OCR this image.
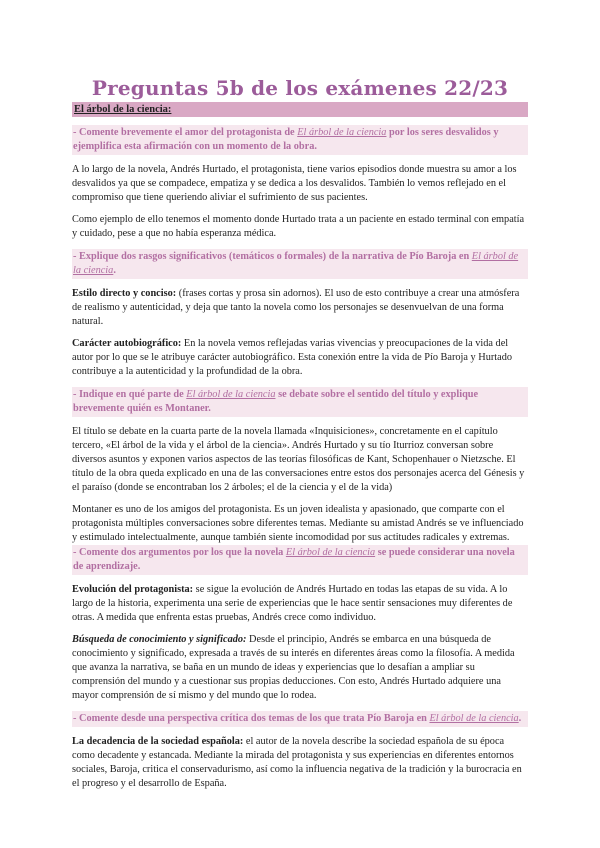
Preguntas 5b de los exámenes 22/23
El árbol de la ciencia:
- Comente brevemente el amor del protagonista de El árbol de la ciencia por los seres desvalidos y ejemplifica esta afirmación con un momento de la obra.

A lo largo de la novela, Andrés Hurtado, el protagonista, tiene varios episodios donde muestra su amor a los desvalidos ya que se compadece, empatiza y se dedica a los desvalidos. También lo vemos reflejado en el compromiso que tiene queriendo aliviar el sufrimiento de sus pacientes.

Como ejemplo de ello tenemos el momento donde Hurtado trata a un paciente en estado terminal con empatía y cuidado, pese a que no había esperanza médica.

- Explique dos rasgos significativos (temáticos o formales) de la narrativa de Pío Baroja en El árbol de la ciencia.

Estilo directo y conciso: (frases cortas y prosa sin adornos). El uso de esto contribuye a crear una atmósfera de realismo y autenticidad, y deja que tanto la novela como los personajes se desenvuelvan de una forma natural.

Carácter autobiográfico: En la novela vemos reflejadas varias vivencias y preocupaciones de la vida del autor por lo que se le atribuye carácter autobiográfico. Esta conexión entre la vida de Pío Baroja y Hurtado contribuye a la autenticidad y la profundidad de la obra.

- Indique en qué parte de El árbol de la ciencia se debate sobre el sentido del título y explique brevemente quién es Montaner.

El título se debate en la cuarta parte de la novela llamada «Inquisiciones», concretamente en el capítulo tercero, «El árbol de la vida y el árbol de la ciencia». Andrés Hurtado y su tío Iturrioz conversan sobre diversos asuntos y exponen varios aspectos de las teorías filosóficas de Kant, Schopenhauer o Nietzsche. El título de la obra queda explicado en una de las conversaciones entre estos dos personajes acerca del Génesis y el paraíso (donde se encontraban los 2 árboles; el de la ciencia y el de la vida)

Montaner es uno de los amigos del protagonista. Es un joven idealista y apasionado, que comparte con el protagonista múltiples conversaciones sobre diferentes temas. Mediante su amistad Andrés se ve influenciado y estimulado intelectualmente, aunque también siente incomodidad por sus actitudes radicales y extremas.

- Comente dos argumentos por los que la novela El árbol de la ciencia se puede considerar una novela de aprendizaje.

Evolución del protagonista: se sigue la evolución de Andrés Hurtado en todas las etapas de su vida. A lo largo de la historia, experimenta una serie de experiencias que le hace sentir sensaciones muy diferentes de otras. A medida que enfrenta estas pruebas, Andrés crece como individuo.

Búsqueda de conocimiento y significado: Desde el principio, Andrés se embarca en una búsqueda de conocimiento y significado, expresada a través de su interés en diferentes áreas como la filosofía. A medida que avanza la narrativa, se baña en un mundo de ideas y experiencias que lo desafían a ampliar su comprensión del mundo y a cuestionar sus propias deducciones. Con esto, Andrés Hurtado adquiere una mayor comprensión de sí mismo y del mundo que lo rodea.

- Comente desde una perspectiva crítica dos temas de los que trata Pío Baroja en El árbol de la ciencia.

La decadencia de la sociedad española: el autor de la novela describe la sociedad española de su época como decadente y estancada. Mediante la mirada del protagonista y sus experiencias en diferentes entornos sociales, Baroja, critica el conservadurismo, así como la influencia negativa de la tradición y la burocracia en el progreso y el desarrollo de España.
